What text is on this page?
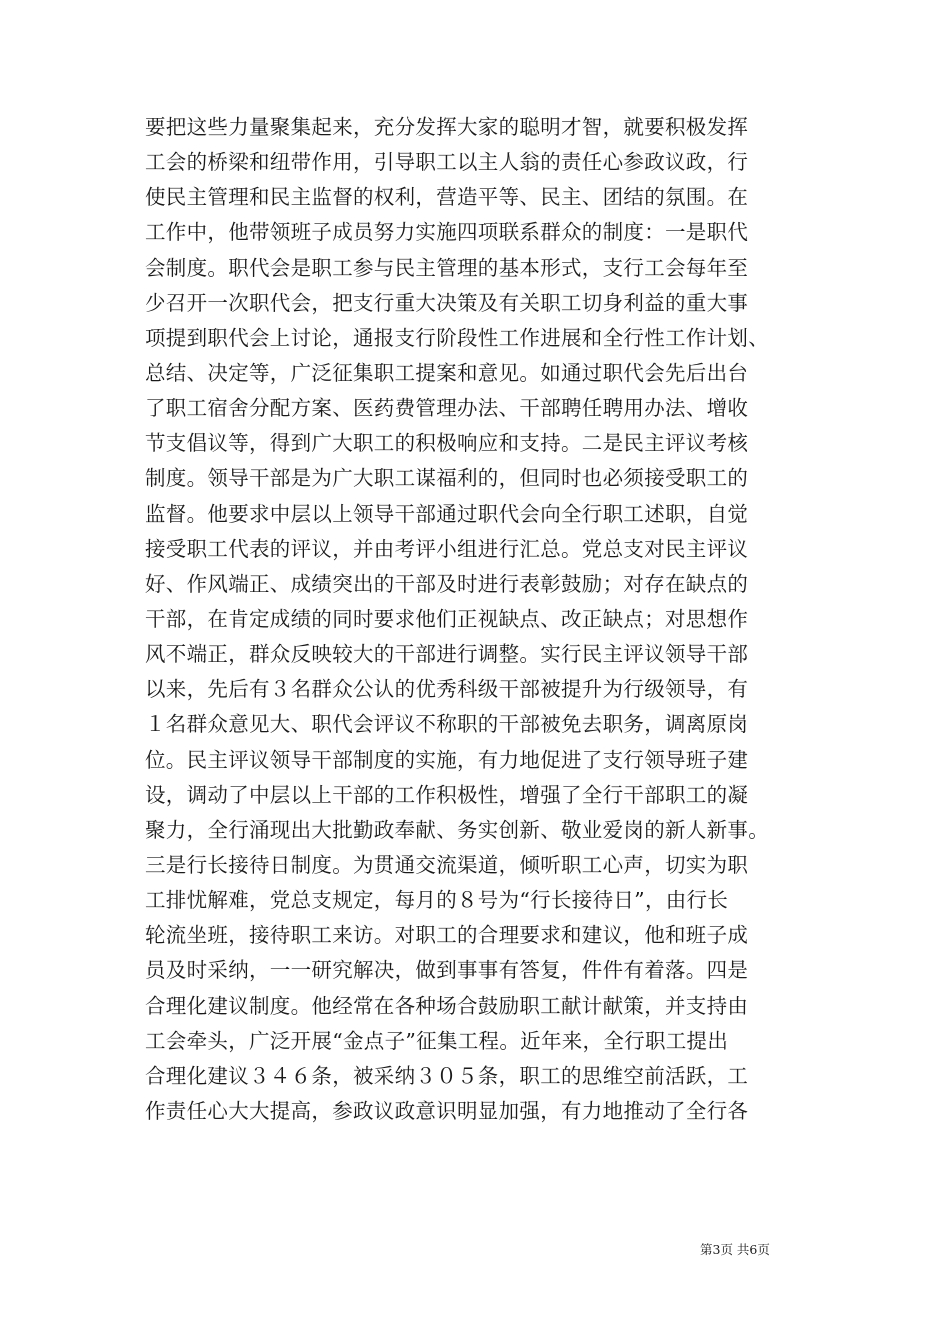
要把这些力量聚集起来，充分发挥大家的聪明才智，就要积极发挥
工会的桥梁和纽带作用，引导职工以主人翁的责任心参政议政，行
使民主管理和民主监督的权利，营造平等、民主、团结的氛围。在
工作中，他带领班子成员努力实施四项联系群众的制度：一是职代
会制度。职代会是职工参与民主管理的基本形式，支行工会每年至
少召开一次职代会，把支行重大决策及有关职工切身利益的重大事
项提到职代会上讨论，通报支行阶段性工作进展和全行性工作计划、
总结、决定等，广泛征集职工提案和意见。如通过职代会先后出台
了职工宿舍分配方案、医药费管理办法、干部聘任聘用办法、增收
节支倡议等，得到广大职工的积极响应和支持。二是民主评议考核
制度。领导干部是为广大职工谋福利的，但同时也必须接受职工的
监督。他要求中层以上领导干部通过职代会向全行职工述职，自觉
接受职工代表的评议，并由考评小组进行汇总。党总支对民主评议
好、作风端正、成绩突出的干部及时进行表彰鼓励；对存在缺点的
干部，在肯定成绩的同时要求他们正视缺点、改正缺点；对思想作
风不端正，群众反映较大的干部进行调整。实行民主评议领导干部
以来，先后有３名群众公认的优秀科级干部被提升为行级领导，有
１名群众意见大、职代会评议不称职的干部被免去职务，调离原岗
位。民主评议领导干部制度的实施，有力地促进了支行领导班子建
设，调动了中层以上干部的工作积极性，增强了全行干部职工的凝
聚力，全行涌现出大批勤政奉献、务实创新、敬业爱岗的新人新事。
三是行长接待日制度。为贯通交流渠道，倾听职工心声，切实为职
工排忧解难，党总支规定，每月的８号为“行长接待日”，由行长
轮流坐班，接待职工来访。对职工的合理要求和建议，他和班子成
员及时采纳，一一研究解决，做到事事有答复，件件有着落。四是
合理化建议制度。他经常在各种场合鼓励职工献计献策，并支持由
工会牵头，广泛开展“金点子”征集工程。近年来，全行职工提出
合理化建议３４６条，被采纳３０５条，职工的思维空前活跃，工
作责任心大大提高，参政议政意识明显加强，有力地推动了全行各
第3页 共6页
